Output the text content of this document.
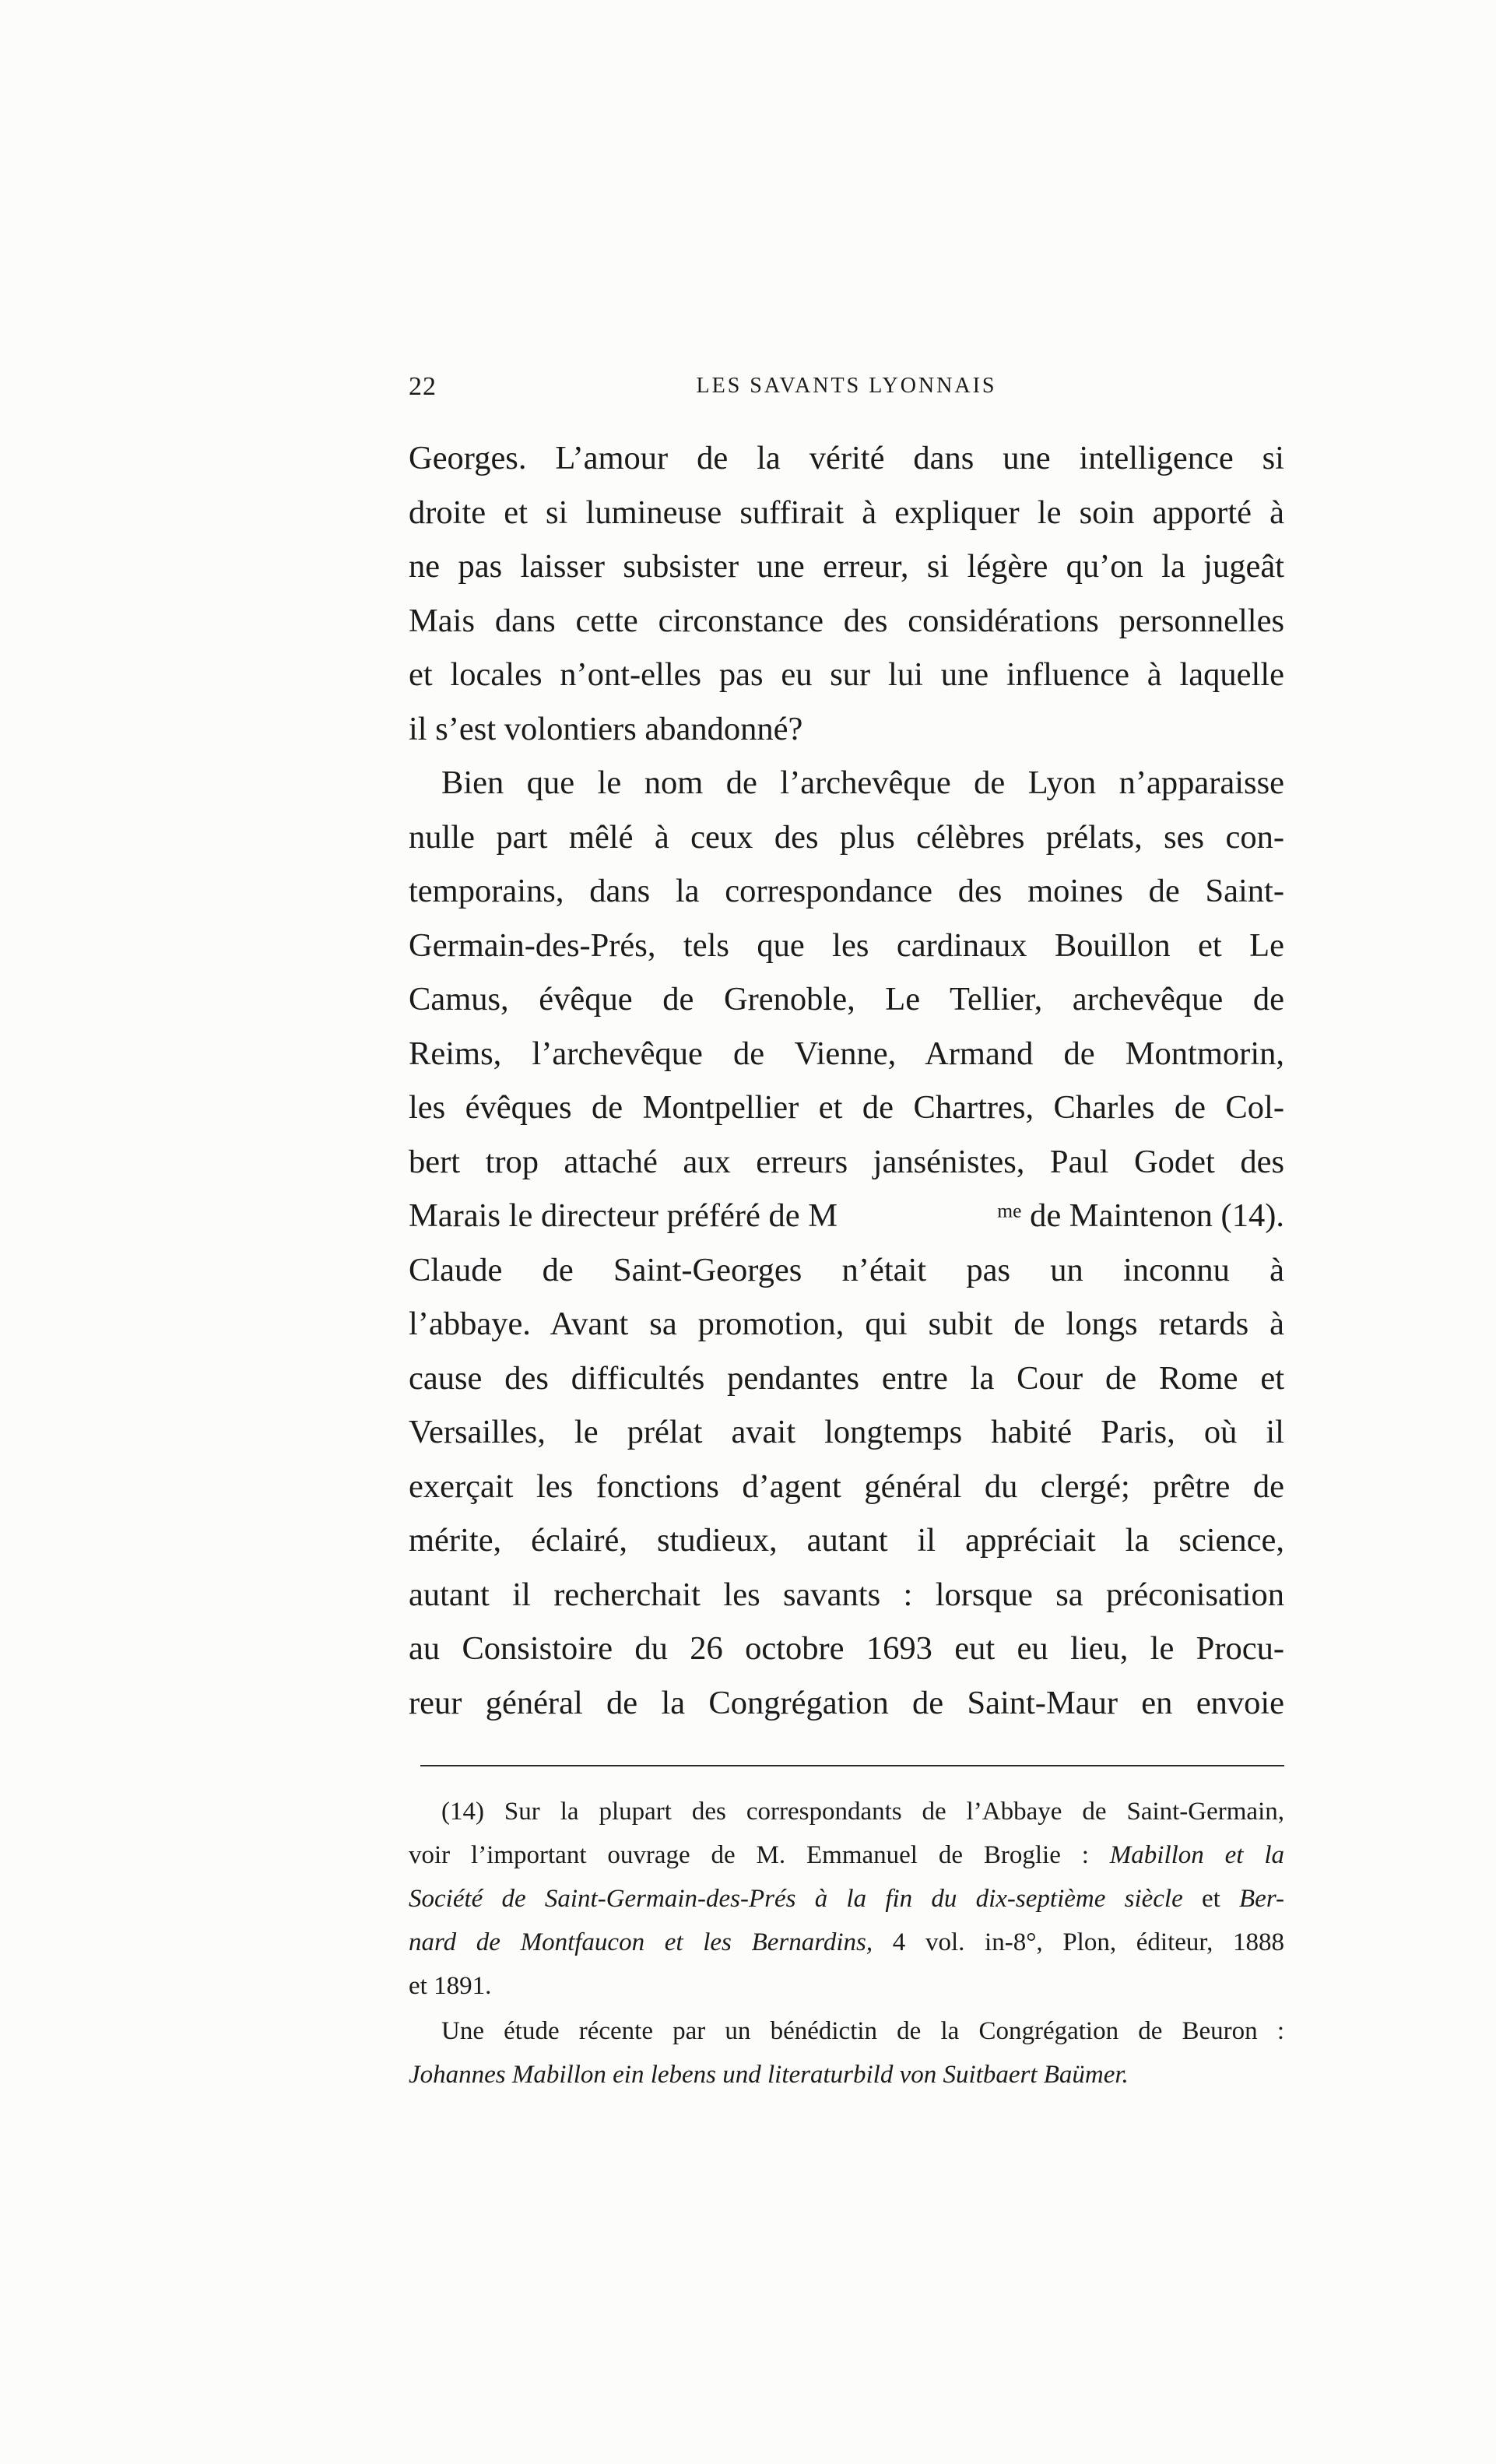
22	LES SAVANTS LYONNAIS

Georges. L’amour de la vérité dans une intelligence si

droite et si lumineuse suffirait à expliquer le soin apporté à

ne pas laisser subsister une erreur, si légère qu’on la jugeât

Mais dans cette circonstance des considérations personnelles

et locales n’ont-elles pas eu sur lui une influence à laquelle

il s’est volontiers abandonné?

Bien que le nom de l’archevêque de Lyon n’apparaisse

nulle part mêlé à ceux des plus célèbres prélats, ses con-

temporains, dans la correspondance des moines de Saint-

Germain-des-Prés, tels que les cardinaux Bouillon et Le

Camus, évêque de Grenoble, Le Tellier, archevêque de

Reims, l’archevêque de Vienne, Armand de Montmorin,

les évêques de Montpellier et de Chartres, Charles de Col-

bert trop attaché aux erreurs jansénistes, Paul Godet des

Marais le directeur préféré de M	$^{me}$ de Maintenon (14).

Claude de Saint-Georges n’était pas un inconnu à

l’abbaye. Avant sa promotion, qui subit de longs retards à

cause des difficultés pendantes entre la Cour de Rome et

Versailles, le prélat avait longtemps habité Paris, où il

exerçait les fonctions d’agent général du clergé; prêtre de

mérite, éclairé, studieux, autant il appréciait la science,

autant il recherchait les savants : lorsque sa préconisation

au Consistoire du 26 octobre 1693 eut eu lieu, le Procu-

reur général de la Congrégation de Saint-Maur en envoie

(14) Sur la plupart des correspondants de l’Abbaye de Saint-Germain,

voir l’important ouvrage de M. Emmanuel de Broglie : Mabillon et la

Société de Saint-Germain-des-Prés à la fin du dix-septième siècle et Ber-

nard de Montfaucon et les Bernardins, 4 vol. in-8°, Plon, éditeur, 1888

et 1891.

Une étude récente par un bénédictin de la Congrégation de Beuron :

Johannes Mabillon ein lebens und literaturbild von Suitbaert Baümer.
